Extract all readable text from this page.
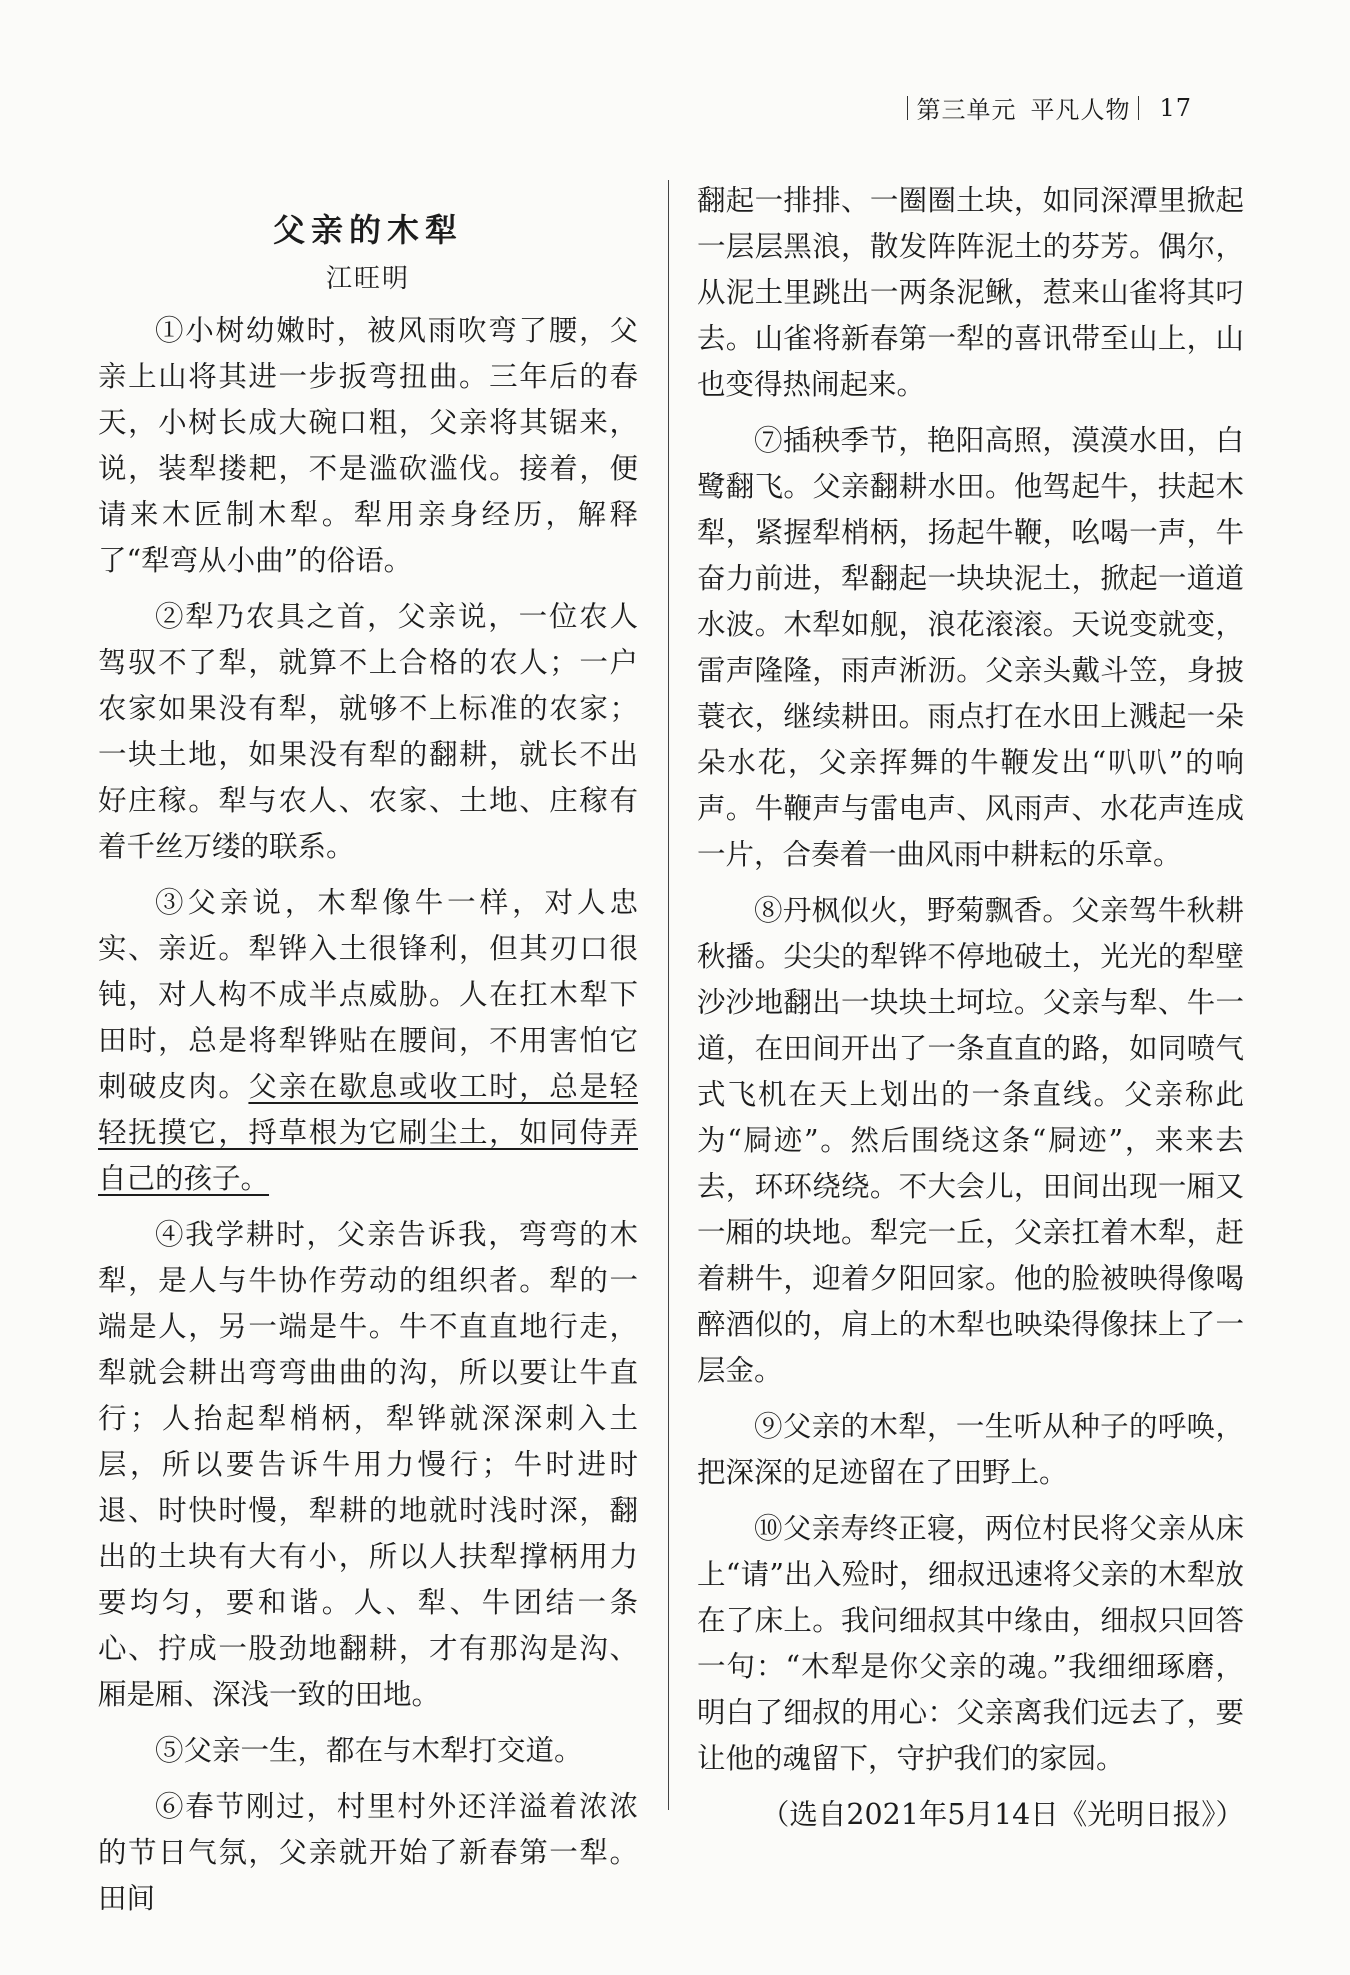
第三单元 平凡人物 17
父亲的木犁
江旺明

①小树幼嫩时，被风雨吹弯了腰，父亲上山将其进一步扳弯扭曲。三年后的春天，小树长成大碗口粗，父亲将其锯来，说，装犁搂耙，不是滥砍滥伐。接着，便请来木匠制木犁。犁用亲身经历，解释了“犁弯从小曲”的俗语。

②犁乃农具之首，父亲说，一位农人驾驭不了犁，就算不上合格的农人；一户农家如果没有犁，就够不上标准的农家；一块土地，如果没有犁的翻耕，就长不出好庄稼。犁与农人、农家、土地、庄稼有着千丝万缕的联系。

③父亲说，木犁像牛一样，对人忠实、亲近。犁铧入土很锋利，但其刃口很钝，对人构不成半点威胁。人在扛木犁下田时，总是将犁铧贴在腰间，不用害怕它刺破皮肉。父亲在歇息或收工时，总是轻轻抚摸它，捋草根为它刷尘土，如同侍弄自己的孩子。

④我学耕时，父亲告诉我，弯弯的木犁，是人与牛协作劳动的组织者。犁的一端是人，另一端是牛。牛不直直地行走，犁就会耕出弯弯曲曲的沟，所以要让牛直行；人抬起犁梢柄，犁铧就深深刺入土层，所以要告诉牛用力慢行；牛时进时退、时快时慢，犁耕的地就时浅时深，翻出的土块有大有小，所以人扶犁撑柄用力要均匀，要和谐。人、犁、牛团结一条心、拧成一股劲地翻耕，才有那沟是沟、厢是厢、深浅一致的田地。

⑤父亲一生，都在与木犁打交道。

⑥春节刚过，村里村外还洋溢着浓浓的节日气氛，父亲就开始了新春第一犁。田间

翻起一排排、一圈圈土块，如同深潭里掀起一层层黑浪，散发阵阵泥土的芬芳。偶尔，从泥土里跳出一两条泥鳅，惹来山雀将其叼去。山雀将新春第一犁的喜讯带至山上，山也变得热闹起来。

⑦插秧季节，艳阳高照，漠漠水田，白鹭翻飞。父亲翻耕水田。他驾起牛，扶起木犁，紧握犁梢柄，扬起牛鞭，吆喝一声，牛奋力前进，犁翻起一块块泥土，掀起一道道水波。木犁如舰，浪花滚滚。天说变就变，雷声隆隆，雨声淅沥。父亲头戴斗笠，身披蓑衣，继续耕田。雨点打在水田上溅起一朵朵水花，父亲挥舞的牛鞭发出“叭叭”的响声。牛鞭声与雷电声、风雨声、水花声连成一片，合奏着一曲风雨中耕耘的乐章。

⑧丹枫似火，野菊飘香。父亲驾牛秋耕秋播。尖尖的犁铧不停地破土，光光的犁壁沙沙地翻出一块块土坷垃。父亲与犁、牛一道，在田间开出了一条直直的路，如同喷气式飞机在天上划出的一条直线。父亲称此为“屙迹”。然后围绕这条“屙迹”，来来去去，环环绕绕。不大会儿，田间出现一厢又一厢的块地。犁完一丘，父亲扛着木犁，赶着耕牛，迎着夕阳回家。他的脸被映得像喝醉酒似的，肩上的木犁也映染得像抹上了一层金。

⑨父亲的木犁，一生听从种子的呼唤，把深深的足迹留在了田野上。

⑩父亲寿终正寝，两位村民将父亲从床上“请”出入殓时，细叔迅速将父亲的木犁放在了床上。我问细叔其中缘由，细叔只回答一句：“木犁是你父亲的魂。”我细细琢磨，明白了细叔的用心：父亲离我们远去了，要让他的魂留下，守护我们的家园。

（选自2021年5月14日《光明日报》）
